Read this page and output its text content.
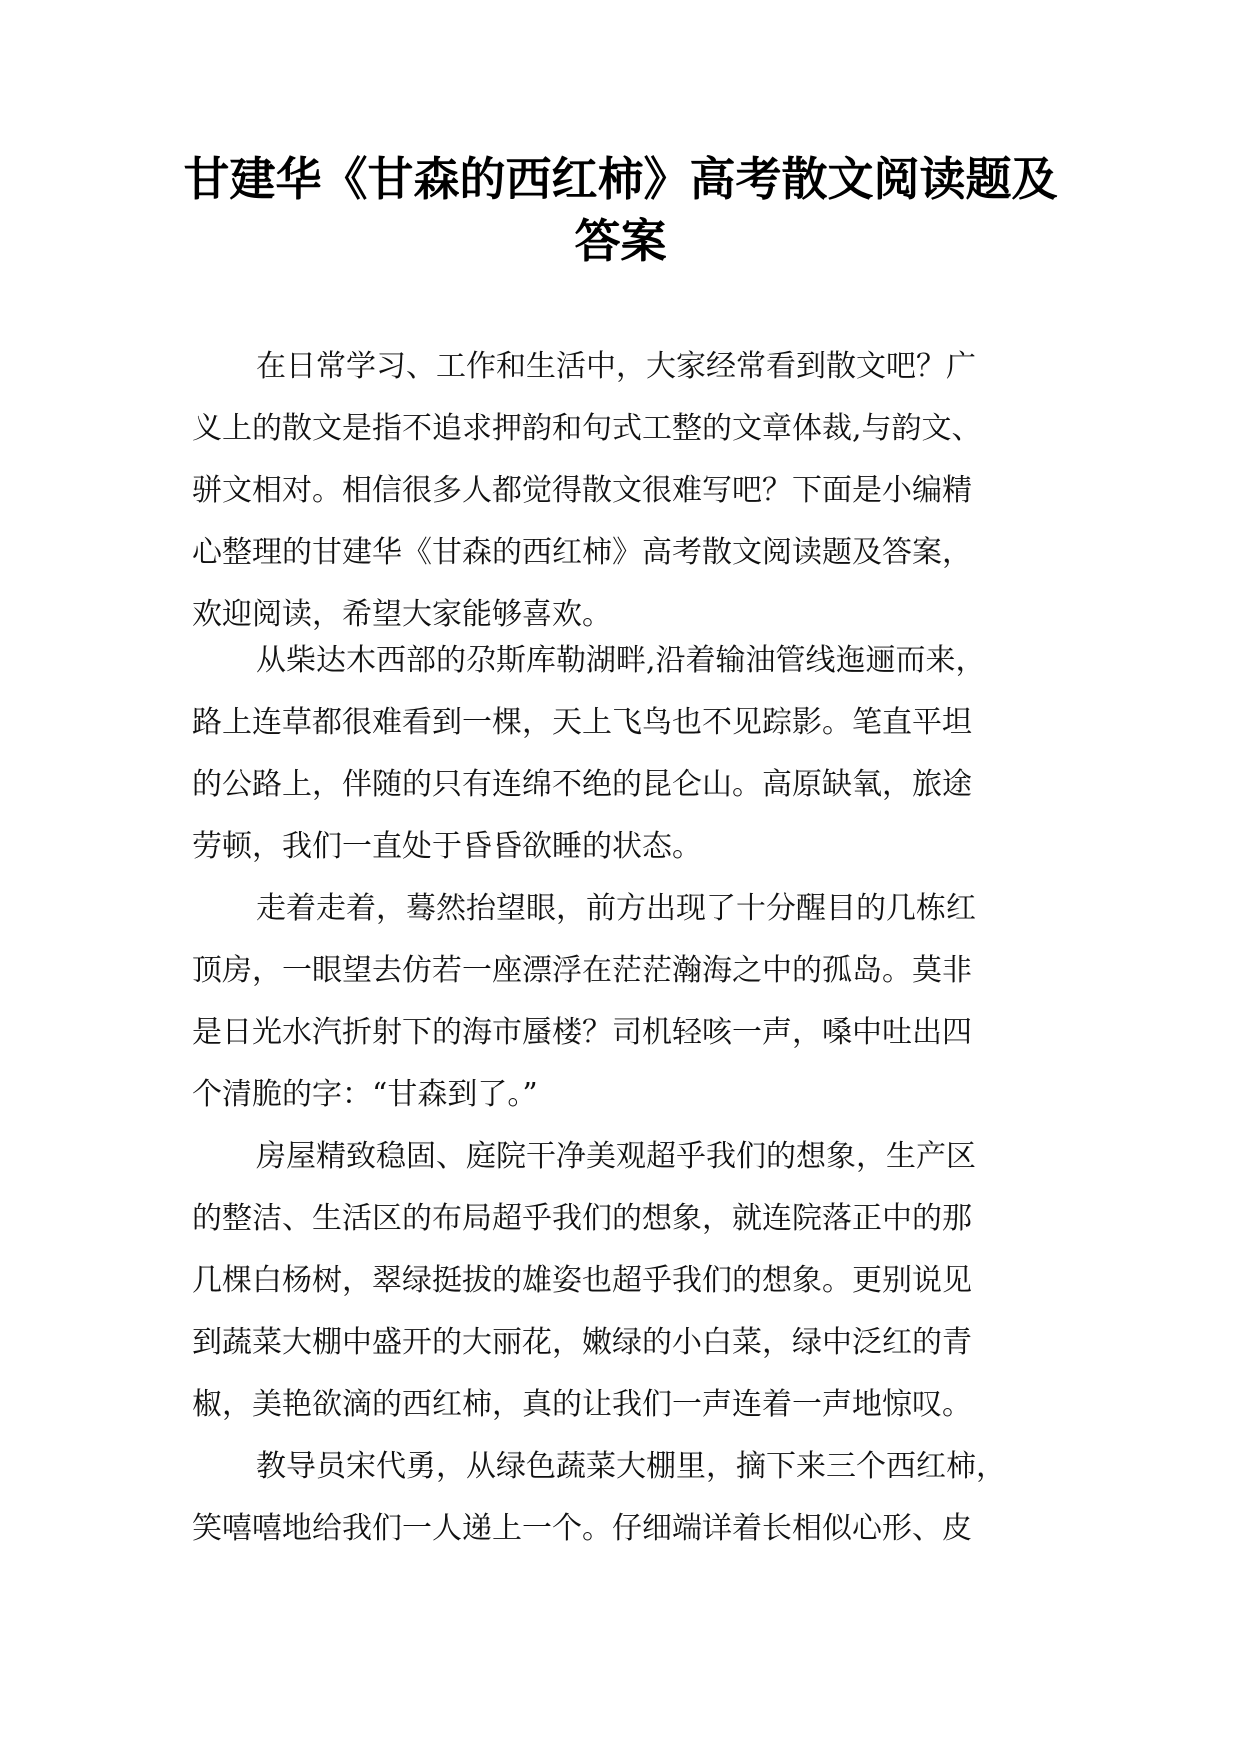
甘建华《甘森的西红柿》高考散文阅读题及
答案
在日常学习、工作和生活中，大家经常看到散文吧？广
义上的散文是指不追求押韵和句式工整的文章体裁,与韵文、
骈文相对。相信很多人都觉得散文很难写吧？下面是小编精
心整理的甘建华《甘森的西红柿》高考散文阅读题及答案，
欢迎阅读，希望大家能够喜欢。
从柴达木西部的尕斯库勒湖畔,沿着输油管线迤逦而来，
路上连草都很难看到一棵，天上飞鸟也不见踪影。笔直平坦
的公路上，伴随的只有连绵不绝的昆仑山。高原缺氧，旅途
劳顿，我们一直处于昏昏欲睡的状态。
走着走着，蓦然抬望眼，前方出现了十分醒目的几栋红
顶房，一眼望去仿若一座漂浮在茫茫瀚海之中的孤岛。莫非
是日光水汽折射下的海市蜃楼？司机轻咳一声，嗓中吐出四
个清脆的字：“甘森到了。”
房屋精致稳固、庭院干净美观超乎我们的想象，生产区
的整洁、生活区的布局超乎我们的想象，就连院落正中的那
几棵白杨树，翠绿挺拔的雄姿也超乎我们的想象。更别说见
到蔬菜大棚中盛开的大丽花，嫩绿的小白菜，绿中泛红的青
椒，美艳欲滴的西红柿，真的让我们一声连着一声地惊叹。
教导员宋代勇，从绿色蔬菜大棚里，摘下来三个西红柿，
笑嘻嘻地给我们一人递上一个。仔细端详着长相似心形、皮
